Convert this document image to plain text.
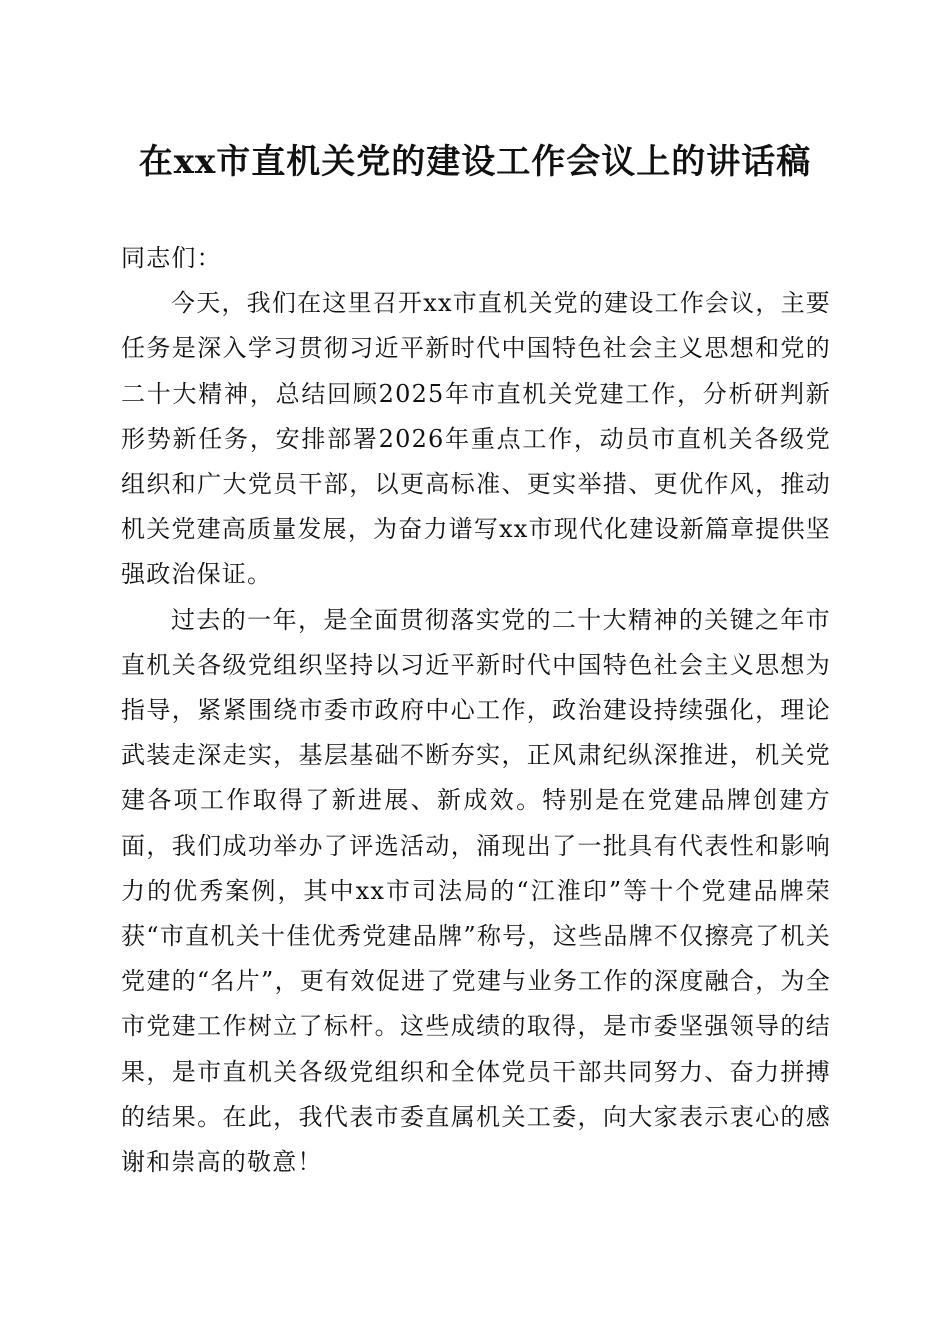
在xx市直机关党的建设工作会议上的讲话稿

同志们：

今天，我们在这里召开xx市直机关党的建设工作会议，主要任务是深入学习贯彻习近平新时代中国特色社会主义思想和党的二十大精神，总结回顾2025年市直机关党建工作，分析研判新形势新任务，安排部署2026年重点工作，动员市直机关各级党组织和广大党员干部，以更高标准、更实举措、更优作风，推动机关党建高质量发展，为奋力谱写xx市现代化建设新篇章提供坚强政治保证。

过去的一年，是全面贯彻落实党的二十大精神的关键之年市直机关各级党组织坚持以习近平新时代中国特色社会主义思想为指导，紧紧围绕市委市政府中心工作，政治建设持续强化，理论武装走深走实，基层基础不断夯实，正风肃纪纵深推进，机关党建各项工作取得了新进展、新成效。特别是在党建品牌创建方面，我们成功举办了评选活动，涌现出了一批具有代表性和影响力的优秀案例，其中xx市司法局的“江淮印”等十个党建品牌荣获“市直机关十佳优秀党建品牌”称号，这些品牌不仅擦亮了机关党建的“名片”，更有效促进了党建与业务工作的深度融合，为全市党建工作树立了标杆。这些成绩的取得，是市委坚强领导的结果，是市直机关各级党组织和全体党员干部共同努力、奋力拼搏的结果。在此，我代表市委直属机关工委，向大家表示衷心的感谢和崇高的敬意！
